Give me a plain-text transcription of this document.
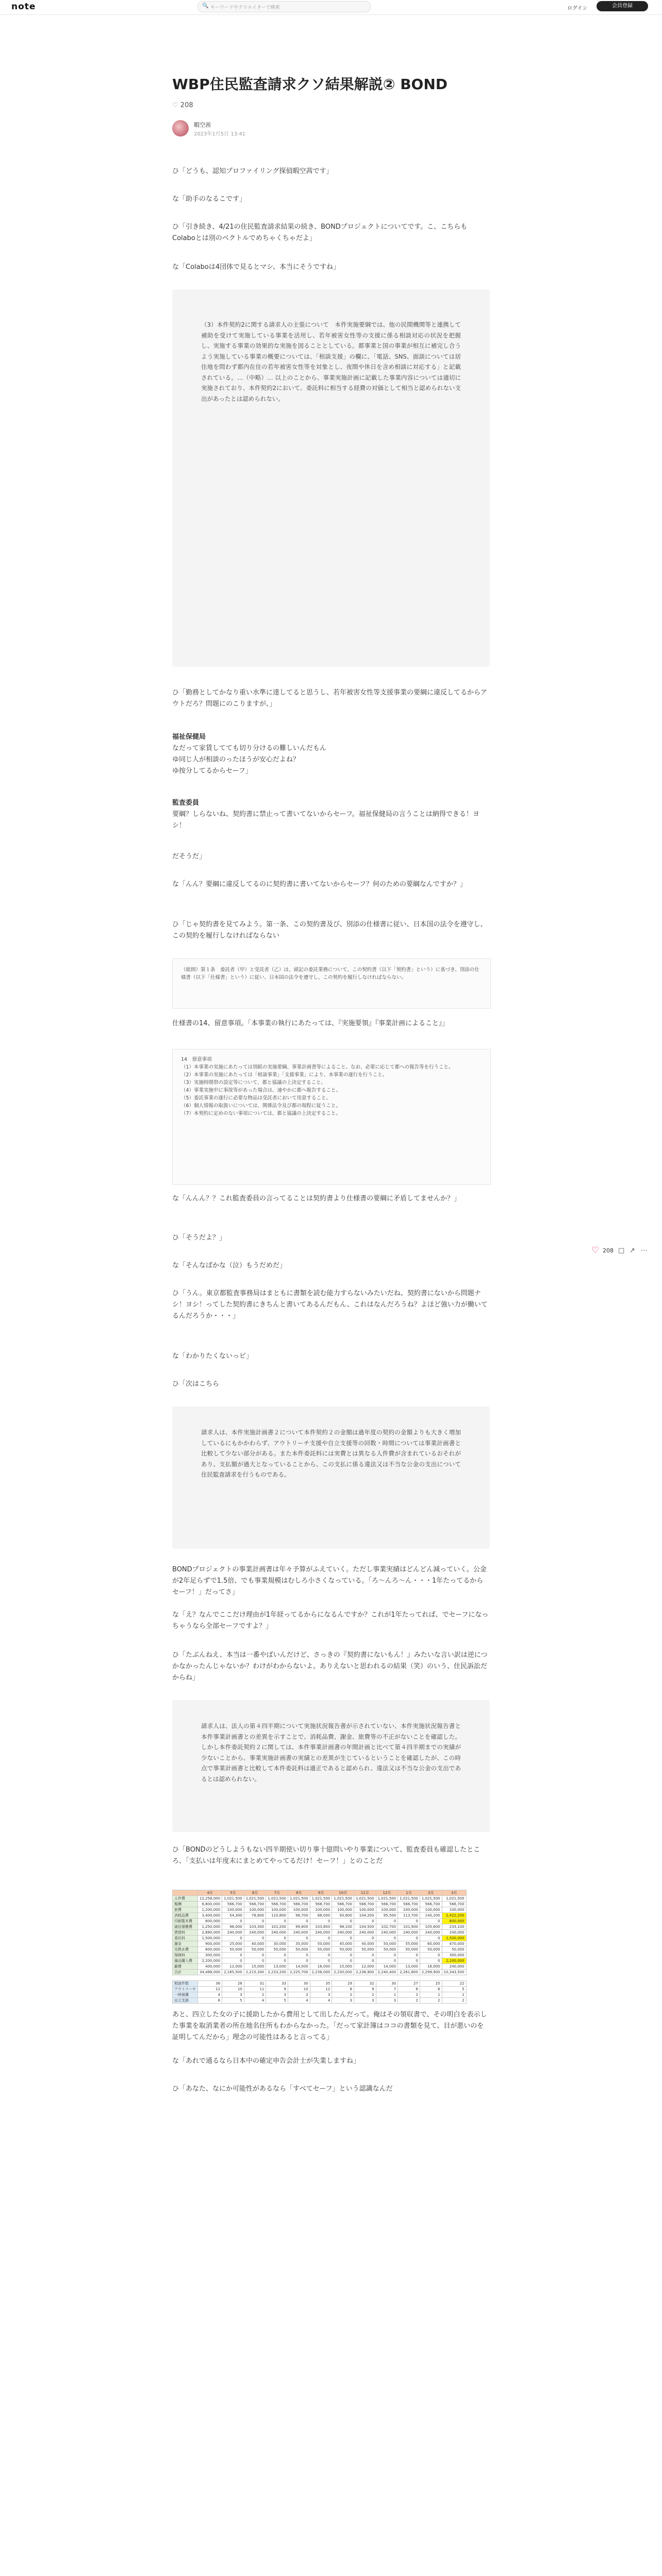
note	🔍 キーワードやクリエイターで検索	ログイン	会員登録
WBP住民監査請求クソ結果解説② BOND
♡ 208
暇空茜
2023年1月5日 13:41
ひ「どうも、認知プロファイリング探偵暇空茜です」
な「助手のなるこです」
ひ「引き続き、4/21の住民監査請求結果の続き、BONDプロジェクトについてです。こ、こちらもColaboとは別のベクトルでめちゃくちゃだよ」
な「Colaboは4団体で見るとマシ、本当にそうですね」
（3）本件契約2に関する請求人の主張について　本件実施要綱では、他の民間機関等と連携して補助を受けて実施している事業を活用し、若年被害女性等の支援に係る相談対応の状況を把握し、実施する事業の効果的な実施を図ることとしている。都事業と国の事業が相互に補完し合うよう実施している事業の概要については、「相談支援」の欄に、「電話、SNS、面談については居住地を問わず都内在住の若年被害女性等を対象とし、夜間や休日を含め相談に対応する」と記載されている。…（中略）… 以上のことから、事業実施計画に記載した事業内容については適切に実施されており、本件契約2において、委託料に相当する経費の対価として相当と認められない支出があったとは認められない。
ひ「勤務としてかなり重い水準に達してると思うし、若年被害女性等支援事業の要綱に違反してるからアウトだろ？問題にのこりますが、」
福祉保健局
なだって家賃してても切り分けるの難しいんだもん
ゆ同じ人が相談のったほうが安心だよね？
ゆ按分してるからセーフ」
監査委員
要綱？しらないね、契約書に禁止って書いてないからセーフ。福祉保健局の言うことは納得できる！ヨシ！
だそうだ」
な「んん？要綱に違反してるのに契約書に書いてないからセーフ？何のための要綱なんですか？」
ひ「じゃ契約書を見てみよう。第一条、この契約書及び、別添の仕様書に従い、日本国の法令を遵守し、この契約を履行しなければならない
（総則）第１条　委託者（甲）と受託者（乙）は、頭記の委託業務について、この契約書（以下「契約書」という）に基づき、別添の仕様書（以下「仕様書」という）に従い、日本国の法令を遵守し、この契約を履行しなければならない。
仕様書の14、留意事項。「本事業の執行にあたっては、『実施要領』『事業計画によること』」
14　留意事項
（1）本事業の実施にあたっては別紙の実施要綱、事業計画書等によること。なお、必要に応じて都への報告等を行うこと。
（2）本事業の実施にあたっては「相談事業」「支援事業」により、本事業の遂行を行うこと。
（3）実施時間帯の設定等について、都と協議の上決定すること。
（4）事業実施中に事故等があった場合は、速やかに都へ報告すること。
（5）委託事業の遂行に必要な物品は受託者において用意すること。
（6）個人情報の取扱いについては、関係法令及び都の規程に従うこと。
（7）本契約に定めのない事項については、都と協議の上決定すること。
な「んんん？？これ監査委員の言ってることは契約書より仕様書の要綱に矛盾してませんか？」
ひ「そうだよ？」
な「そんなばかな（泣）もうだめだ」
ひ「うん。東京都監査事務局はまともに書類を読む能力すらないみたいだね、契約書にないから問題ナシ！ヨシ！ってした契約書にきちんと書いてあるんだもん、これはなんだろうね？よほど強い力が働いてるんだろうか・・・」
な「わかりたくないっピ」
ひ「次はこちら
請求人は、本件実施計画書２について本件契約２の金額は過年度の契約の金額よりも大きく増加しているにもかかわらず、アウトリーチ支援や自立支援等の回数・時間については事業計画書と比較して少ない部分がある。また本件委託料には実費とは異なる人件費が含まれているおそれがあり、支払額が過大となっていることから、この支払に係る違法又は不当な公金の支出について住民監査請求を行うものである。
BONDプロジェクトの事業計画書は年々予算がふえていく。ただし事業実績はどんどん減っていく。公金が2年足らずで1.5倍、でも事業規模はむしろ小さくなっている。「ろ〜んろ〜ん・・・1年たってるからセーフ！」だってさ」
な「え？なんでここだけ理由が1年経ってるからになるんですか？これが1年たってれば、でセーフになっちゃうなら全部セーフですよ？」
ひ「たぶんねえ、本当は一番やばいんだけど、さっきの『契約書にないもん！』みたいな言い訳は逆につかなかったんじゃないか？わけがわからないよ。ありえないと思われるの結果（笑）のいう、住民訴訟だからね」
請求人は、法人の第４四半期について実施状況報告書が示されていない、本件実施状況報告書と本件事業計画書との差異を示すことで、消耗品費、謝金、旅費等の不正がないことを確認した。しかし本件委託契約２に関しては、本件事業計画書の年間計画と比べて第４四半期までの実績が少ないことから、事業実施計画書の実績との差異が生じているということを確認したが、この時点で事業計画書と比較して本件委託料は適正であると認められ、違法又は不当な公金の支出であるとは認められない。
ひ「BONDのどうしようもない四半期使い切り事十億問いやり事業について、監査委員も確認したところ、「支払いは年度末にまとめてやってるだけ！セーフ！」とのことだ
	4月	5月	6月	7月	8月	9月	10月	11月	12月	1月	2月	3月
人件費	12,258,000	1,021,500	1,021,500	1,021,500	1,021,500	1,021,500	1,021,500	1,021,500	1,021,500	1,021,500	1,021,500	1,021,500
報酬	6,800,000	566,700	566,700	566,700	566,700	566,700	566,700	566,700	566,700	566,700	566,700	566,700
旅費	1,200,000	100,000	100,000	100,000	100,000	100,000	100,000	100,000	100,000	100,000	100,000	100,000
消耗品費	3,400,000	54,300	78,800	110,800	98,700	88,000	93,600	104,200	95,500	113,700	140,200	2,422,200
印刷製本費	800,000	0	0	0	0	0	0	0	0	0	0	800,000
通信運搬費	1,250,000	96,000	103,300	101,200	99,800	103,800	98,100	104,500	102,700	101,900	105,600	233,100
賃借料	2,880,000	240,000	240,000	240,000	240,000	240,000	240,000	240,000	240,000	240,000	240,000	240,000
委託料	1,500,000	0	0	0	0	0	0	0	0	0	0	1,500,000
謝金	900,000	25,000	40,000	30,000	35,000	50,000	45,000	40,000	50,000	55,000	60,000	470,000
光熱水費	600,000	50,000	50,000	50,000	50,000	50,000	50,000	50,000	50,000	50,000	50,000	50,000
保険料	300,000	0	0	0	0	0	0	0	0	0	0	300,000
備品購入費	2,200,000	0	0	0	0	0	0	0	0	0	0	2,200,000
雑費	400,000	12,000	15,000	13,000	14,000	16,000	15,000	12,000	14,000	13,000	16,000	240,000
合計	34,488,000	2,165,500	2,215,300	2,233,200	2,225,700	2,236,000	2,230,000	2,238,900	2,240,400	2,261,800	2,299,900	10,343,500

相談件数	36	28	31	33	30	35	29	32	30	27	25	22
アウトリーチ	12	10	11	9	10	12	8	9	7	8	6	5
一時保護	4	3	2	3	2	3	2	2	1	2	1	1
自立支援	6	5	4	5	4	4	3	3	3	2	2	2
あと、四立した女の子に援助したから費用として出したんだって。俺はその領収書で、その明白を表示した事業を取消業者の所在地名住所もわからなかった。「だって家計簿はココの書類を見て、目が悪いのを証明してんだから」理念の可能性はあると言ってる」
な「あれで通るなら日本中の確定申告会計士が失業しますね」
ひ「あなた、なにか可能性があるなら「すべてセーフ」という認識なんだ
♡ 208 □ ↗ ⋯
